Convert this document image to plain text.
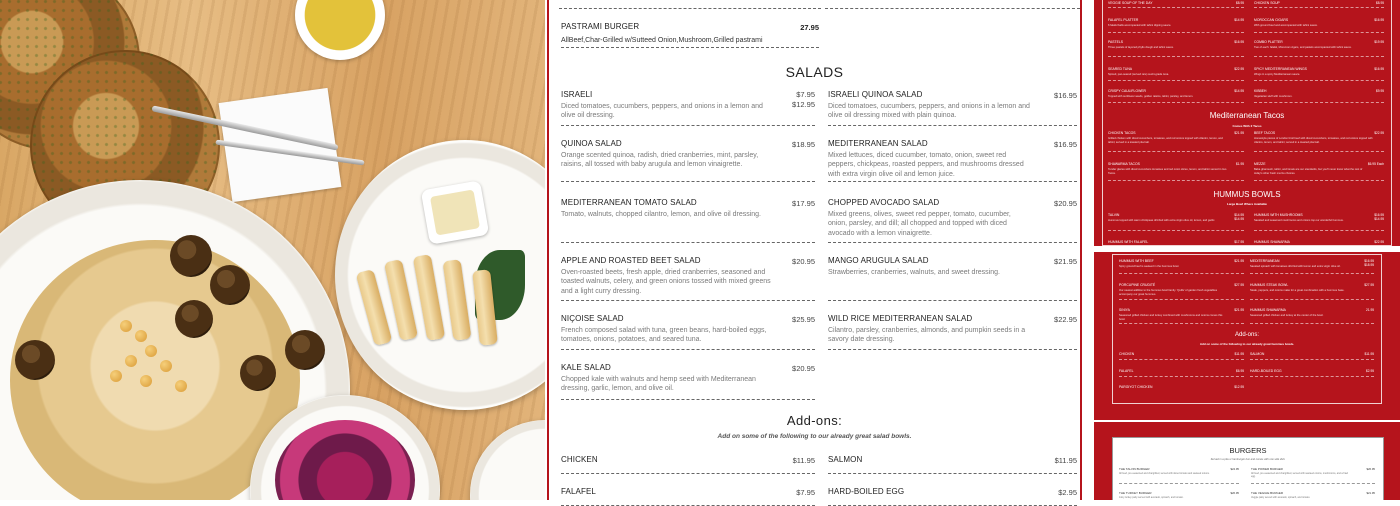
PASTRAMI BURGER	27.95
AllBeef,Char-Grilled w/Sutteed Onion,Mushroom,Grilled pastrami
SALADS
ISRAELI	$7.95
$12.95
Diced tomatoes, cucumbers, peppers, and onions in a lemon and olive oil dressing.
ISRAELI QUINOA SALAD	$16.95
Diced tomatoes, cucumbers, peppers, and onions in a lemon and olive oil dressing mixed with plain quinoa.
QUINOA SALAD	$18.95
Orange scented quinoa, radish, dried cranberries, mint, parsley, raisins, all tossed with baby arugula and lemon vinaigrette.
MEDITERRANEAN SALAD	$16.95
Mixed lettuces, diced cucumber, tomato, onion, sweet red peppers, chickpeas, roasted peppers, and mushrooms dressed with extra virgin olive oil and lemon juice.
MEDITERRANEAN TOMATO SALAD	$17.95
Tomato, walnuts, chopped cilantro, lemon, and olive oil dressing.
CHOPPED AVOCADO SALAD	$20.95
Mixed greens, olives, sweet red pepper, tomato, cucumber, onion, parsley, and dill; all chopped and topped with diced avocado with a lemon vinaigrette.
APPLE AND ROASTED BEET SALAD	$20.95
Oven-roasted beets, fresh apple, dried cranberries, seasoned and toasted walnuts, celery, and green onions tossed with mixed greens and a light curry dressing.
MANGO ARUGULA SALAD	$21.95
Strawberries, cranberries, walnuts, and sweet dressing.
NIÇOISE SALAD	$25.95
French composed salad with tuna, green beans, hard-boiled eggs, tomatoes, onions, potatoes, and seared tuna.
WILD RICE MEDITERRANEAN SALAD	$22.95
Cilantro, parsley, cranberries, almonds, and pumpkin seeds in a savory date dressing.
KALE SALAD	$20.95
Chopped kale with walnuts and hemp seed with Mediterranean dressing, garlic, lemon, and olive oil.
Add-ons:
Add on some of the following to our already great salad bowls.
CHICKEN	$11.95 SALMON	$11.95
FALAFEL	$7.95 HARD-BOILED EGG	$2.95
VEGGIE SOUP OF THE DAY	$8.95	CHICKEN SOUP	$8.95
FALAFEL PLATTER	$14.95
6 falafel balls accompanied with tahini dipping sauce.
MOROCCAN CIGARS	$16.95
With ground beef and accompanied with tahini sauce.
PASTELS	$16.95
Three pastels of layered phyllo dough and tahini sauce.
COMBO PLATTER	$19.95
Two of each: falafel, Moroccan cigars, and pastels accompanied with tahini sauce.
SEARED TUNA	$22.95
Spiced, pan-seared (served rare) sushi-grade tuna.
SPICY MEDITERRANEAN WINGS	$16.95
Wings in a spicy Mediterranean sauce.
CRISPY CAULIFLOWER	$14.95
Topped with sunflower seeds, golden raisins, tahini, parsley, and lemon.
KIBBEH	$9.95
Vegetarian stuff with mushroom.
Mediterranean Tacos
Comes With 2 Tacos
CHICKEN TACOS	$21.95
Grilled chicken with diced cucumbers, tomatoes, and red onions topped with cilantro, lemon, and tahini; served in a toasted pita ball.
BEEF TACOS	$22.95
Homestyle pieces of London broil beef with diced cucumbers, tomatoes, and red onions topped with cilantro, lemon, and tahini; served in a toasted pita ball.
SHAWARMA TACOS	$1.95
Tender glazes with diced cucumbers tomatoes and red onion slices, lemon, and tahini served in two Tacos.
MEZZE	$6.95 Each
Baba ghanoush, tahini, and Greek are our standards, but you'll never know what the rest of today's other fresh mezze choices.
HUMMUS BOWLS
Large Bowl Where Available
TALVIN	$14.95
$14.95
Hummus topped with warm chickpeas drizzled with extra virgin olive oil, lemon, and garlic.
HUMMUS WITH MUSHROOMS	$16.95
$14.95
Sautéed and seasoned mushrooms and onions top our wonderful hummus.
HUMMUS WITH FALAFEL	$17.95	HUMMUS SHAWARMA	$22.95
HUMMUS WITH BEEF	$21.95
Spicy ground beef is sauteed in the hummus bowl.
MEDITERRANEAN	$16.95
$18.95
Sautéed spinach with tomatoes drizzled with lemon and extra virgin olive oil.
PORCUPINE CRUDITÉ	$27.95
Our newest addition to the hummus bowl family. 'Quills' of garden fresh vegetables accompany our great hummus.
HUMMUS STEAK BOWL	$27.95
Steak, peppers, and onions make for a great combination with a hummus base.
SINIYA	$21.95
Seasoned grilled chicken and turkey combined with mushrooms and onions comes this bowl.
HUMMUS SHAWARMA	21.95
Seasoned grilled chicken and turkey at the center of the bowl.
Add-ons:
Add on some of the following to our already great hummus bowls.
CHICKEN	$11.95 SALMON	$11.95
FALAFEL	$6.95 HARD-BOILED EGG	$2.95
PARGIYOT CHICKEN	$12.95
BURGERS
Served in a pita or hamburger bun and comes with one side dish.
THE TALVIN BURGER	$24.95
All beef, pre-seasoned and chargrilled, served with sliced tomato and sautéed onions.
THE POWER BURGER	$26.95
All beef, pre-seasoned and chargrilled, served with sautéed onions, mushrooms, and a fried egg.
THE TURKEY BURGER	$26.95
Juicy turkey patty served with avocado, spinach, and tomato.
THE VEGGIE BURGER	$21.95
Veggie patty served with avocado, spinach, and tomato.
